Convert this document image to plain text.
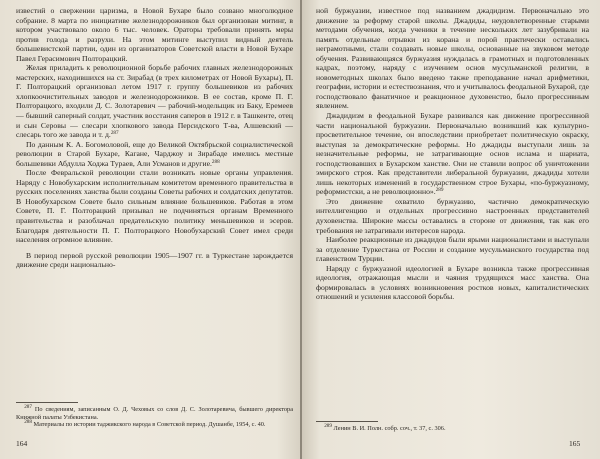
известий о свержении царизма, в Новой Бухаре было созвано многолюдное собрание. 8 марта по инициативе железнодорожников был организован митинг, в котором участвовало около 6 тыс. человек. Ораторы требовали принять меры против голода и разрухи. На этом митинге выступил видный деятель большевистской партии, один из организаторов Советской власти в Новой Бухаре Павел Герасимович Полторацкий.

Желая приладить к революционной борьбе рабочих главных железнодорожных мастерских, находившихся на ст. Зирабад (в трех километрах от Новой Бухары), П. Г. Полторацкий организовал летом 1917 г. группу большевиков из рабочих хлопкоочистительных заводов и железнодорожников. В ее состав, кроме П. Г. Полторацкого, входили Д. С. Золотаревич — рабочий-модельщик из Баку, Еремеев — бывший саперный солдат, участник восстания саперов в 1912 г. в Ташкенте, отец и сын Серовы — слесари хлопкового завода Персидского Т-ва, Алшевский — слесарь того же завода и т. д.$^{287}$

По данным К. А. Богомоловой, еще до Великой Октябрьской социалистической революции в Старой Бухаре, Кагане, Чарджоу и Зирабаде имелись местные большевики Абдулла Ходжа Тураев, Али Усманов и другие.$^{288}$

После Февральской революции стали возникать новые органы управления. Наряду с Новобухарским исполнительным комитетом временного правительства в русских поселениях ханства были созданы Советы рабочих и солдатских депутатов. В Новобухарском Совете было сильным влияние большевиков. Работая в этом Совете, П. Г. Полторацкий призывал не подчиняться органам Временного правительства и разоблачал предательскую политику меньшевиков и эсеров. Благодаря деятельности П. Г. Полторацкого Новобухарский Совет имел среди населения огромное влияние.

В период первой русской революции 1905—1907 гг. в Туркестане зарождается движение среди национально-

$^{287}$ По сведениям, записанным О. Д. Чеховых со слов Д. С. Золотаревича, бывшего директора Книжной палаты Узбекистана.

$^{288}$ Материалы по истории таджикского народа в Советской период. Душанбе, 1954, с. 40.

164

ной буржуазии, известное под названием джадидизм. Первоначально это движение за реформу старой школы. Джадиды, неудовлетворенные старыми методами обучения, когда ученики в течение нескольких лет зазубривали на память отдельные отрывки из корана и порой практически оставались неграмотными, стали создавать новые школы, основанные на звуковом методе обучения. Развивающаяся буржуазия нуждалась в грамотных и подготовленных кадрах, поэтому, наряду с изучением основ мусульманской религии, в новометодных школах было введено также преподавание начал арифметики, географии, истории и естествознания, что и учитывалось феодальной Бухарой, где господствовало фанатичное и реакционное духовенство, было прогрессивным явлением.

Джадидизм в феодальной Бухаре развивался как движение прогрессивной части национальной буржуазии. Первоначально возникший как культурно-просветительное течение, он впоследствии приобретает политическую окраску, выступая за демократические реформы. Но джадиды выступали лишь за незначительные реформы, не затрагивающие основ ислама и шариата, господствовавших в Бухарском ханстве. Они не ставили вопрос об уничтожении эмирского строя. Как представители либеральной буржуазии, джадиды хотели лишь некоторых изменений в государственном строе Бухары, «по-буржуазному, реформистски, а не революционно».$^{289}$

Это движение охватило буржуазию, частично демократическую интеллигенцию и отдельных прогрессивно настроенных представителей духовенства. Широкие массы оставались в стороне от движения, так как его требования не затрагивали интересов народа.

Наиболее реакционные из джадидов были ярыми националистами и выступали за отделение Туркестана от России и создание мусульманского государства под главенством Турции.

Наряду с буржуазной идеологией в Бухаре возникла также прогрессивная идеология, отражающая мысли и чаяния трудящихся масс ханства. Она формировалась в условиях возникновения ростков новых, капиталистических отношений и усиления классовой борьбы.

$^{289}$ Ленин В. И. Полн. собр. соч., т. 37, с. 306.

165
